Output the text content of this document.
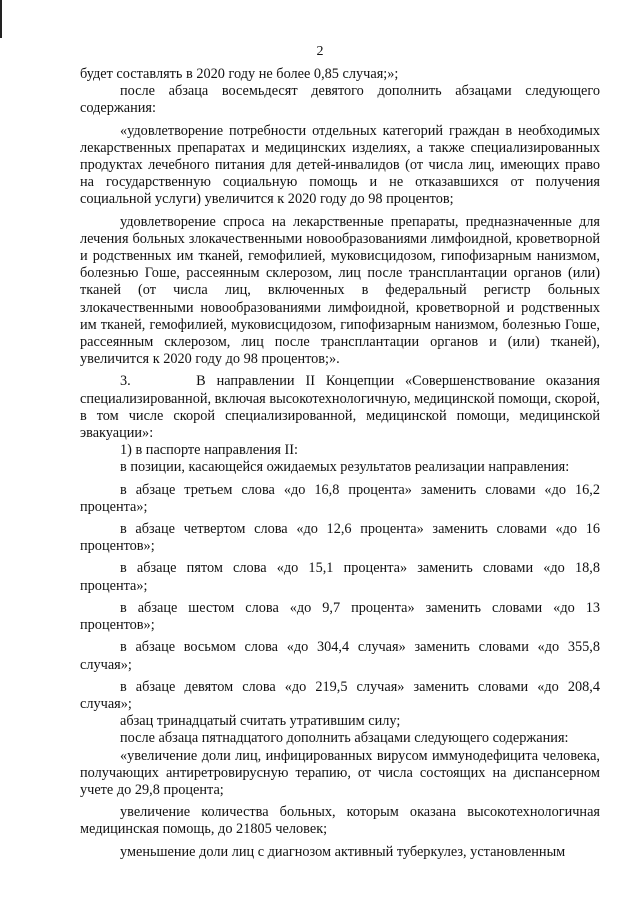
2

будет составлять в 2020 году не более 0,85 случая;»;

после абзаца восемьдесят девятого дополнить абзацами следующего содержания:

«удовлетворение потребности отдельных категорий граждан в необходимых лекарственных препаратах и медицинских изделиях, а также специализированных продуктах лечебного питания для детей-инвалидов (от числа лиц, имеющих право на государственную социальную помощь и не отказавшихся от получения социальной услуги) увеличится к 2020 году до 98 процентов;

удовлетворение спроса на лекарственные препараты, предназначенные для лечения больных злокачественными новообразованиями лимфоидной, кроветворной и родственных им тканей, гемофилией, муковисцидозом, гипофизарным нанизмом, болезнью Гоше, рассеянным склерозом, лиц после трансплантации органов (или) тканей (от числа лиц, включенных в федеральный регистр больных злокачественными новообразованиями лимфоидной, кроветворной и родственных им тканей, гемофилией, муковисцидозом, гипофизарным нанизмом, болезнью Гоше, рассеянным склерозом, лиц после трансплантации органов и (или) тканей), увеличится к 2020 году до 98 процентов;».

3.      В направлении II Концепции «Совершенствование оказания специализированной, включая высокотехнологичную, медицинской помощи, скорой, в том числе скорой специализированной, медицинской помощи, медицинской эвакуации»:

1) в паспорте направления II:

в позиции, касающейся ожидаемых результатов реализации направления:

в абзаце третьем слова «до 16,8 процента» заменить словами «до 16,2 процента»;

в абзаце четвертом слова «до 12,6 процента» заменить словами «до 16 процентов»;

в абзаце пятом слова «до 15,1 процента» заменить словами «до 18,8 процента»;

в абзаце шестом слова «до 9,7 процента» заменить словами «до 13 процентов»;

в абзаце восьмом слова «до 304,4 случая» заменить словами «до 355,8 случая»;

в абзаце девятом слова «до 219,5 случая» заменить словами «до 208,4 случая»;

абзац тринадцатый считать утратившим силу;

после абзаца пятнадцатого дополнить абзацами следующего содержания:

«увеличение доли лиц, инфицированных вирусом иммунодефицита человека, получающих антиретровирусную терапию, от числа состоящих на диспансерном учете до 29,8 процента;

увеличение количества больных, которым оказана высокотехнологичная медицинская помощь, до 21805 человек;

уменьшение доли лиц с диагнозом активный туберкулез, установленным
